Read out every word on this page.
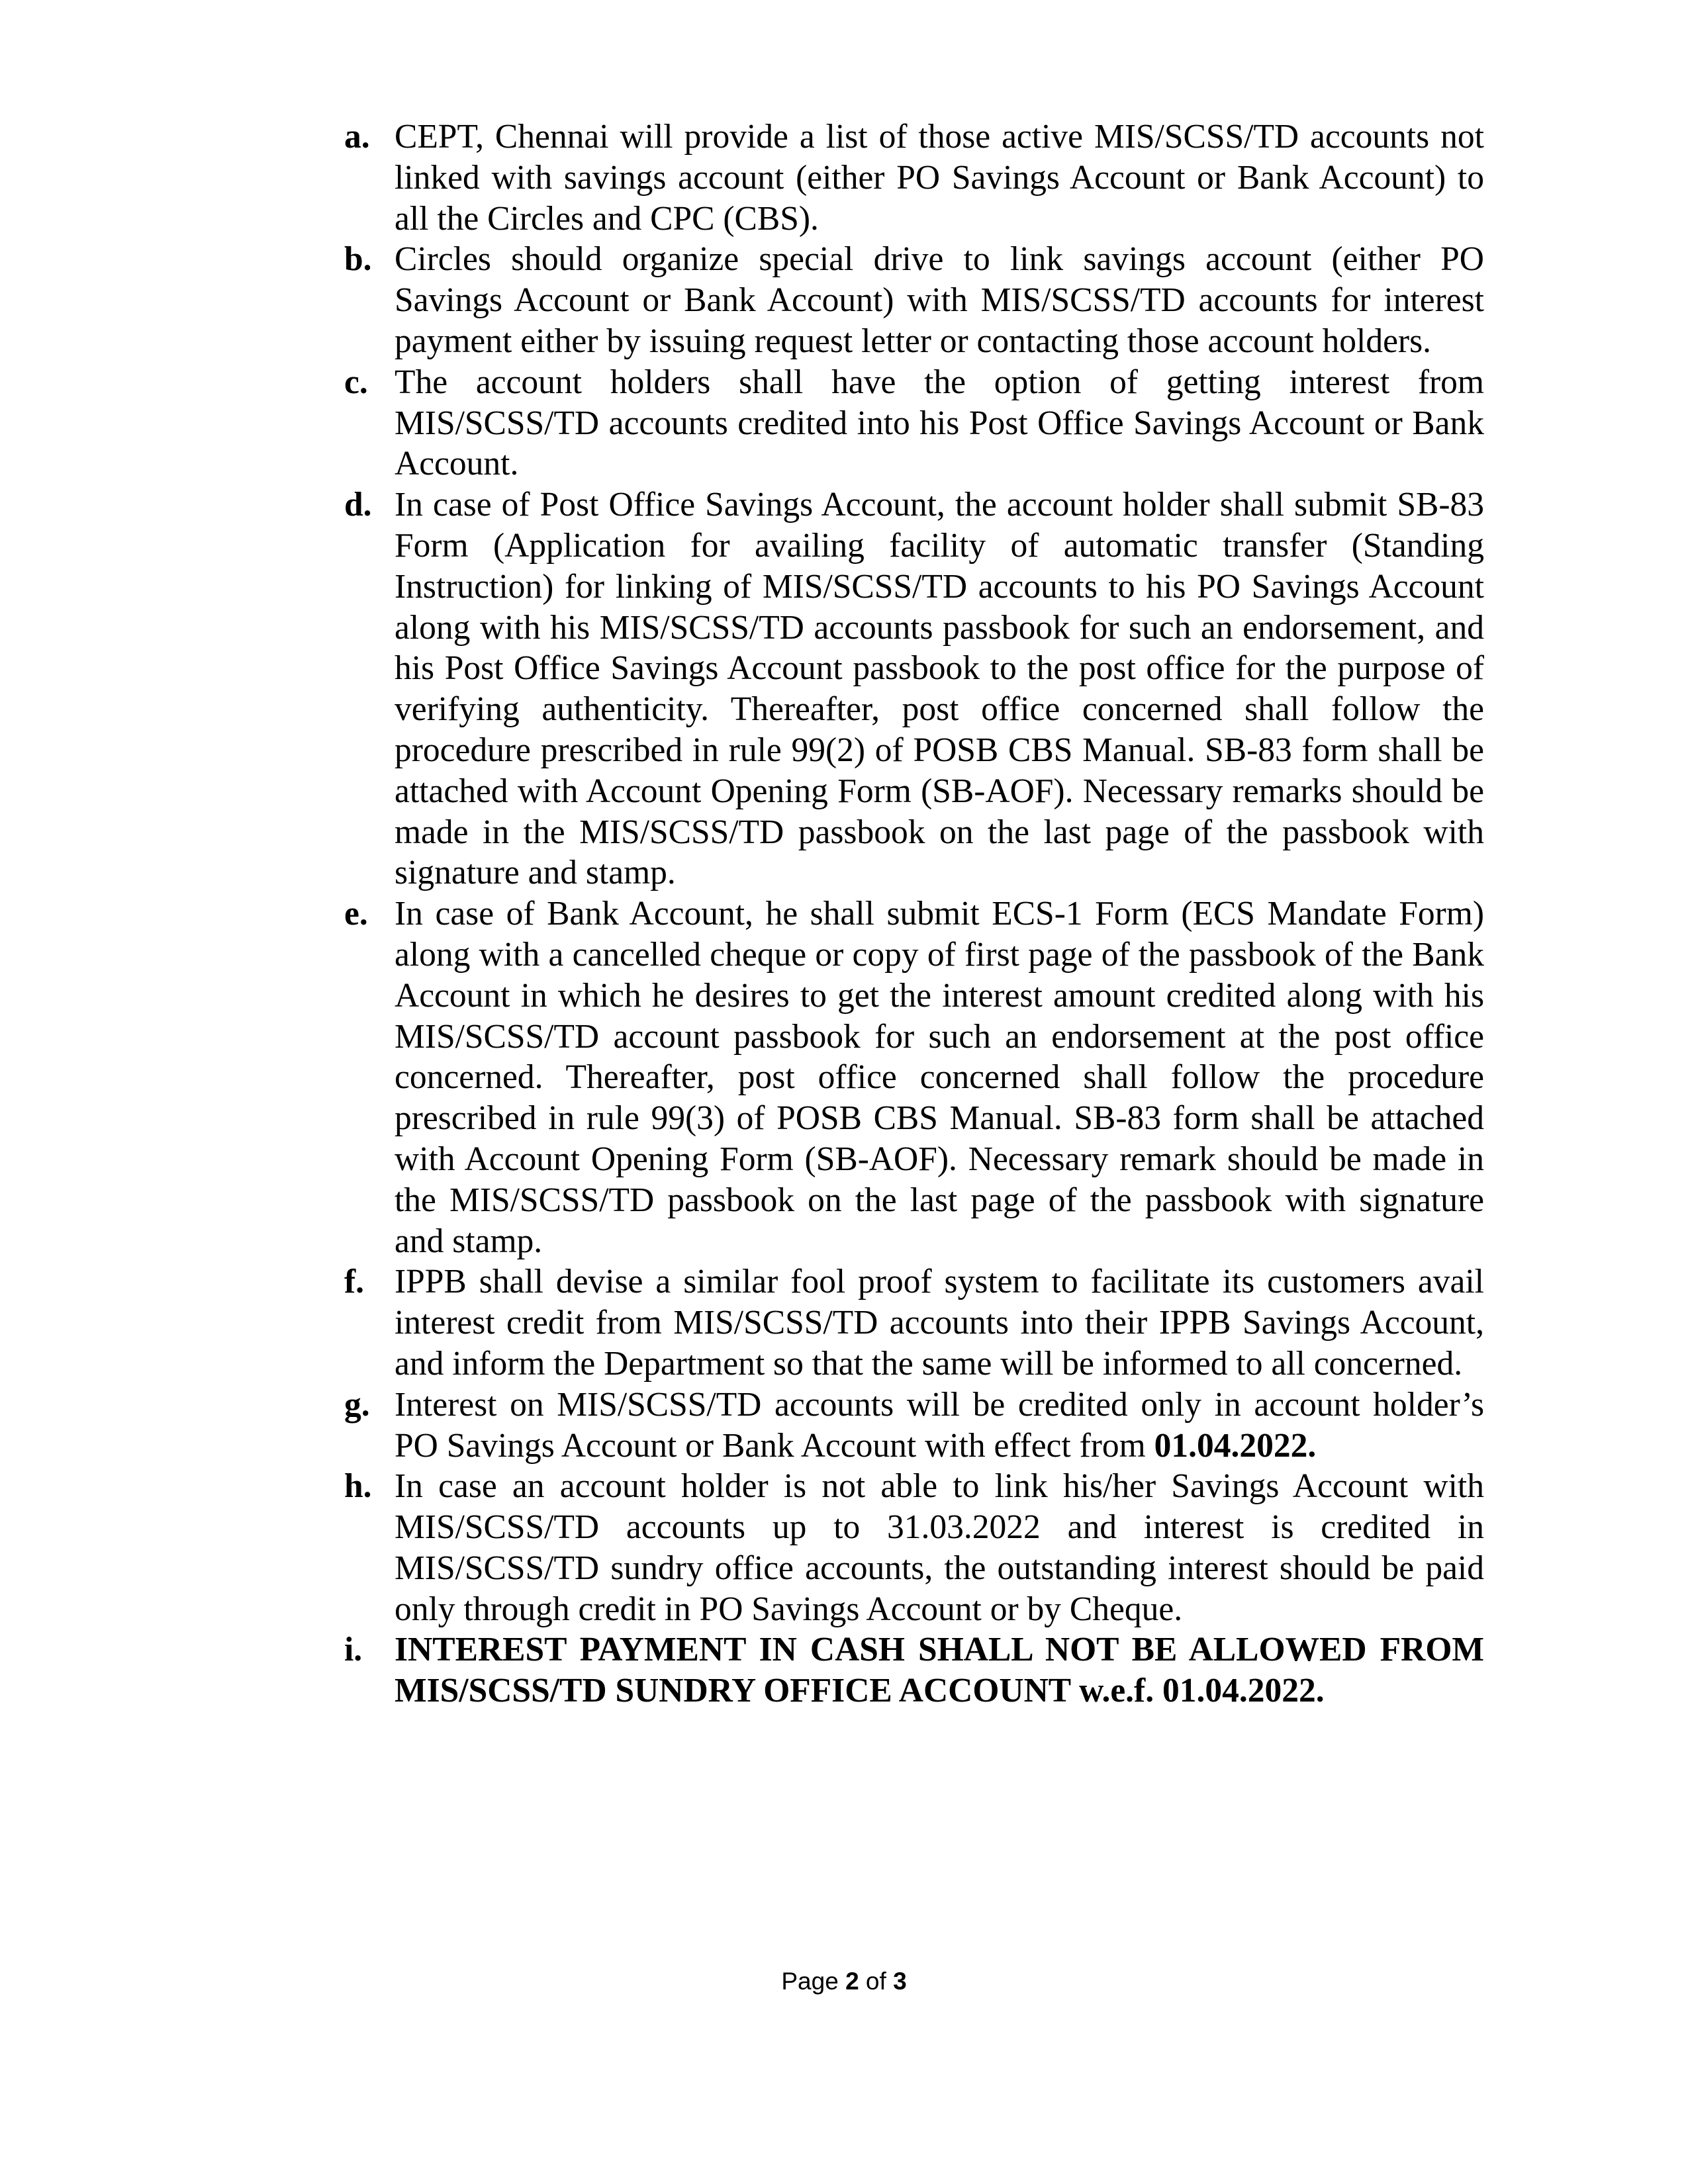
a. CEPT, Chennai will provide a list of those active MIS/SCSS/TD accounts not linked with savings account (either PO Savings Account or Bank Account) to all the Circles and CPC (CBS).
b. Circles should organize special drive to link savings account (either PO Savings Account or Bank Account) with MIS/SCSS/TD accounts for interest payment either by issuing request letter or contacting those account holders.
c. The account holders shall have the option of getting interest from MIS/SCSS/TD accounts credited into his Post Office Savings Account or Bank Account.
d. In case of Post Office Savings Account, the account holder shall submit SB-83 Form (Application for availing facility of automatic transfer (Standing Instruction) for linking of MIS/SCSS/TD accounts to his PO Savings Account along with his MIS/SCSS/TD accounts passbook for such an endorsement, and his Post Office Savings Account passbook to the post office for the purpose of verifying authenticity. Thereafter, post office concerned shall follow the procedure prescribed in rule 99(2) of POSB CBS Manual. SB-83 form shall be attached with Account Opening Form (SB-AOF). Necessary remarks should be made in the MIS/SCSS/TD passbook on the last page of the passbook with signature and stamp.
e. In case of Bank Account, he shall submit ECS-1 Form (ECS Mandate Form) along with a cancelled cheque or copy of first page of the passbook of the Bank Account in which he desires to get the interest amount credited along with his MIS/SCSS/TD account passbook for such an endorsement at the post office concerned. Thereafter, post office concerned shall follow the procedure prescribed in rule 99(3) of POSB CBS Manual. SB-83 form shall be attached with Account Opening Form (SB-AOF). Necessary remark should be made in the MIS/SCSS/TD passbook on the last page of the passbook with signature and stamp.
f. IPPB shall devise a similar fool proof system to facilitate its customers avail interest credit from MIS/SCSS/TD accounts into their IPPB Savings Account, and inform the Department so that the same will be informed to all concerned.
g. Interest on MIS/SCSS/TD accounts will be credited only in account holder’s PO Savings Account or Bank Account with effect from 01.04.2022.
h. In case an account holder is not able to link his/her Savings Account with MIS/SCSS/TD accounts up to 31.03.2022 and interest is credited in MIS/SCSS/TD sundry office accounts, the outstanding interest should be paid only through credit in PO Savings Account or by Cheque.
i. INTEREST PAYMENT IN CASH SHALL NOT BE ALLOWED FROM MIS/SCSS/TD SUNDRY OFFICE ACCOUNT w.e.f. 01.04.2022.
Page 2 of 3
